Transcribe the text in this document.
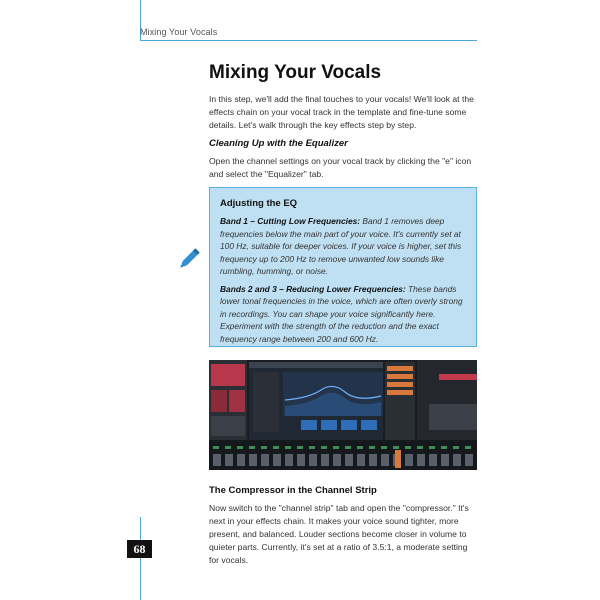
Mixing Your Vocals
Mixing Your Vocals

In this step, we'll add the final touches to your vocals! We'll look at the effects chain on your vocal track in the template and fine-tune some details. Let's walk through the key effects step by step.

Cleaning Up with the Equalizer

Open the channel settings on your vocal track by clicking the "e" icon and select the "Equalizer" tab.

Adjusting the EQ

Band 1 – Cutting Low Frequencies: Band 1 removes deep frequencies below the main part of your voice. It's currently set at 100 Hz, suitable for deeper voices. If your voice is higher, set this frequency up to 200 Hz to remove unwanted low sounds like rumbling, humming, or noise.

Bands 2 and 3 – Reducing Lower Frequencies: These bands lower tonal frequencies in the voice, which are often overly strong in recordings. You can shape your voice significantly here. Experiment with the strength of the reduction and the exact frequency range between 200 and 600 Hz.

The Compressor in the Channel Strip

Now switch to the "channel strip" tab and open the "compressor." It's next in your effects chain. It makes your voice sound tighter, more present, and balanced. Louder sections become closer in volume to quieter parts. Currently, it's set at a ratio of 3.5:1, a moderate setting for vocals.

68
